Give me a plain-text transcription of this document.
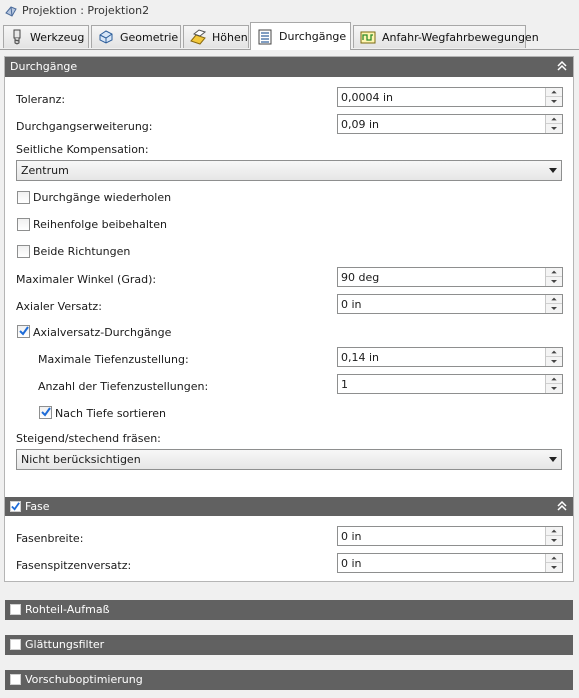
Projektion : Projektion2
Werkzeug	Geometrie	Höhen	Durchgänge	Anfahr-Wegfahrbewegungen
Durchgänge
Toleranz:	0,0004 in
Durchgangserweiterung:	0,09 in
Seitliche Kompensation:
Zentrum
Durchgänge wiederholen
Reihenfolge beibehalten
Beide Richtungen
Maximaler Winkel (Grad):	90 deg
Axialer Versatz:	0 in
Axialversatz-Durchgänge
Maximale Tiefenzustellung:	0,14 in
Anzahl der Tiefenzustellungen:	1
Nach Tiefe sortieren
Steigend/stechend fräsen:
Nicht berücksichtigen
Fase
Fasenbreite:	0 in
Fasenspitzenversatz:	0 in
Rohteil-Aufmaß
Glättungsfilter
Vorschuboptimierung
